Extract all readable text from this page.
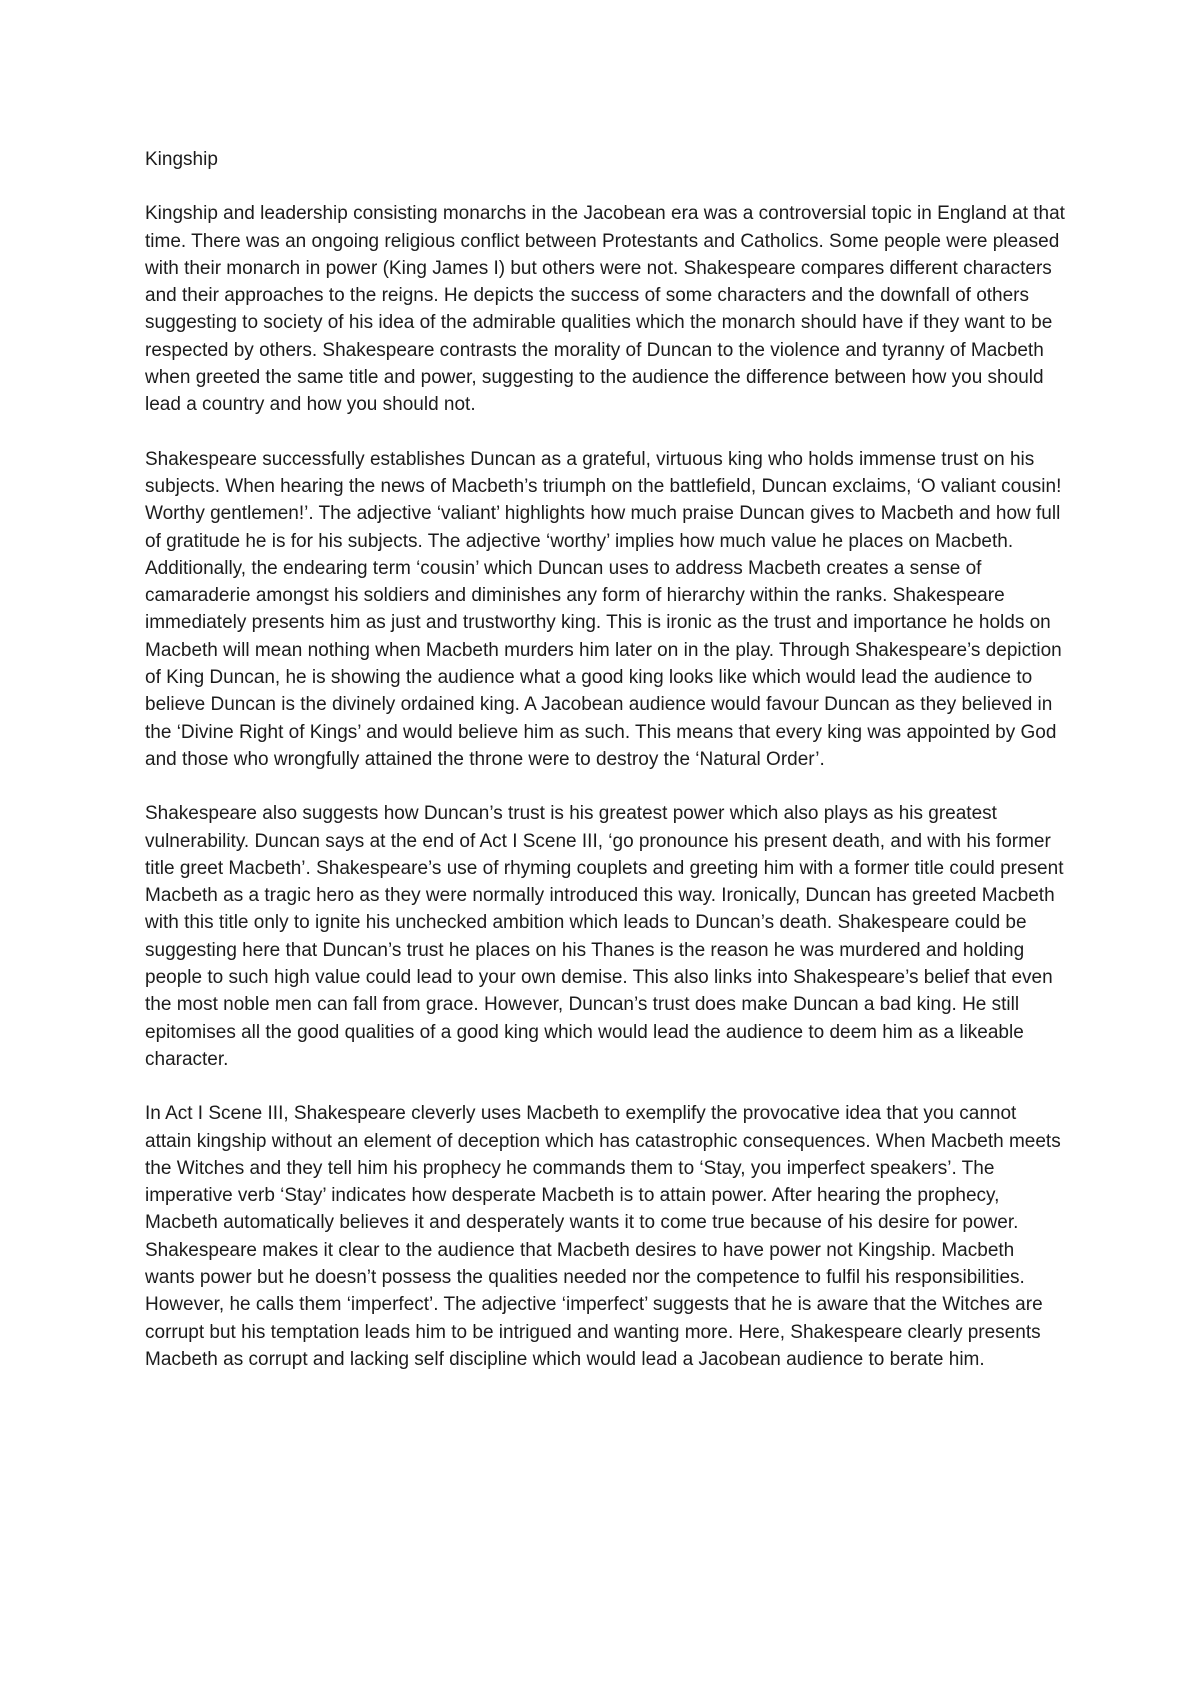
Kingship

Kingship and leadership consisting monarchs in the Jacobean era was a controversial topic in England at that time. There was an ongoing religious conflict between Protestants and Catholics. Some people were pleased with their monarch in power (King James I) but others were not. Shakespeare compares different characters and their approaches to the reigns. He depicts the success of some characters and the downfall of others suggesting to society of his idea of the admirable qualities which the monarch should have if they want to be respected by others. Shakespeare contrasts the morality of Duncan to the violence and tyranny of Macbeth when greeted the same title and power, suggesting to the audience the difference between how you should lead a country and how you should not.

Shakespeare successfully establishes Duncan as a grateful, virtuous king who holds immense trust on his subjects. When hearing the news of Macbeth’s triumph on the battlefield, Duncan exclaims, ‘O valiant cousin! Worthy gentlemen!’. The adjective ‘valiant’ highlights how much praise Duncan gives to Macbeth and how full of gratitude he is for his subjects. The adjective ‘worthy’ implies how much value he places on Macbeth. Additionally, the endearing term ‘cousin’ which Duncan uses to address Macbeth creates a sense of camaraderie amongst his soldiers and diminishes any form of hierarchy within the ranks. Shakespeare immediately presents him as just and trustworthy king. This is ironic as the trust and importance he holds on Macbeth will mean nothing when Macbeth murders him later on in the play. Through Shakespeare’s depiction of King Duncan, he is showing the audience what a good king looks like which would lead the audience to believe Duncan is the divinely ordained king. A Jacobean audience would favour Duncan as they believed in the ‘Divine Right of Kings’ and would believe him as such. This means that every king was appointed by God and those who wrongfully attained the throne were to destroy the ‘Natural Order’.

Shakespeare also suggests how Duncan’s trust is his greatest power which also plays as his greatest vulnerability. Duncan says at the end of Act I Scene III, ‘go pronounce his present death, and with his former title greet Macbeth’. Shakespeare’s use of rhyming couplets and greeting him with a former title could present Macbeth as a tragic hero as they were normally introduced this way. Ironically, Duncan has greeted Macbeth with this title only to ignite his unchecked ambition which leads to Duncan’s death. Shakespeare could be suggesting here that Duncan’s trust he places on his Thanes is the reason he was murdered and holding people to such high value could lead to your own demise. This also links into Shakespeare’s belief that even the most noble men can fall from grace. However, Duncan’s trust does make Duncan a bad king. He still epitomises all the good qualities of a good king which would lead the audience to deem him as a likeable character.

In Act I Scene III, Shakespeare cleverly uses Macbeth to exemplify the provocative idea that you cannot attain kingship without an element of deception which has catastrophic consequences. When Macbeth meets the Witches and they tell him his prophecy he commands them to ‘Stay, you imperfect speakers’. The imperative verb ‘Stay’ indicates how desperate Macbeth is to attain power. After hearing the prophecy, Macbeth automatically believes it and desperately wants it to come true because of his desire for power. Shakespeare makes it clear to the audience that Macbeth desires to have power not Kingship. Macbeth wants power but he doesn’t possess the qualities needed nor the competence to fulfil his responsibilities. However, he calls them ‘imperfect’. The adjective ‘imperfect’ suggests that he is aware that the Witches are corrupt but his temptation leads him to be intrigued and wanting more. Here, Shakespeare clearly presents Macbeth as corrupt and lacking self discipline which would lead a Jacobean audience to berate him.
